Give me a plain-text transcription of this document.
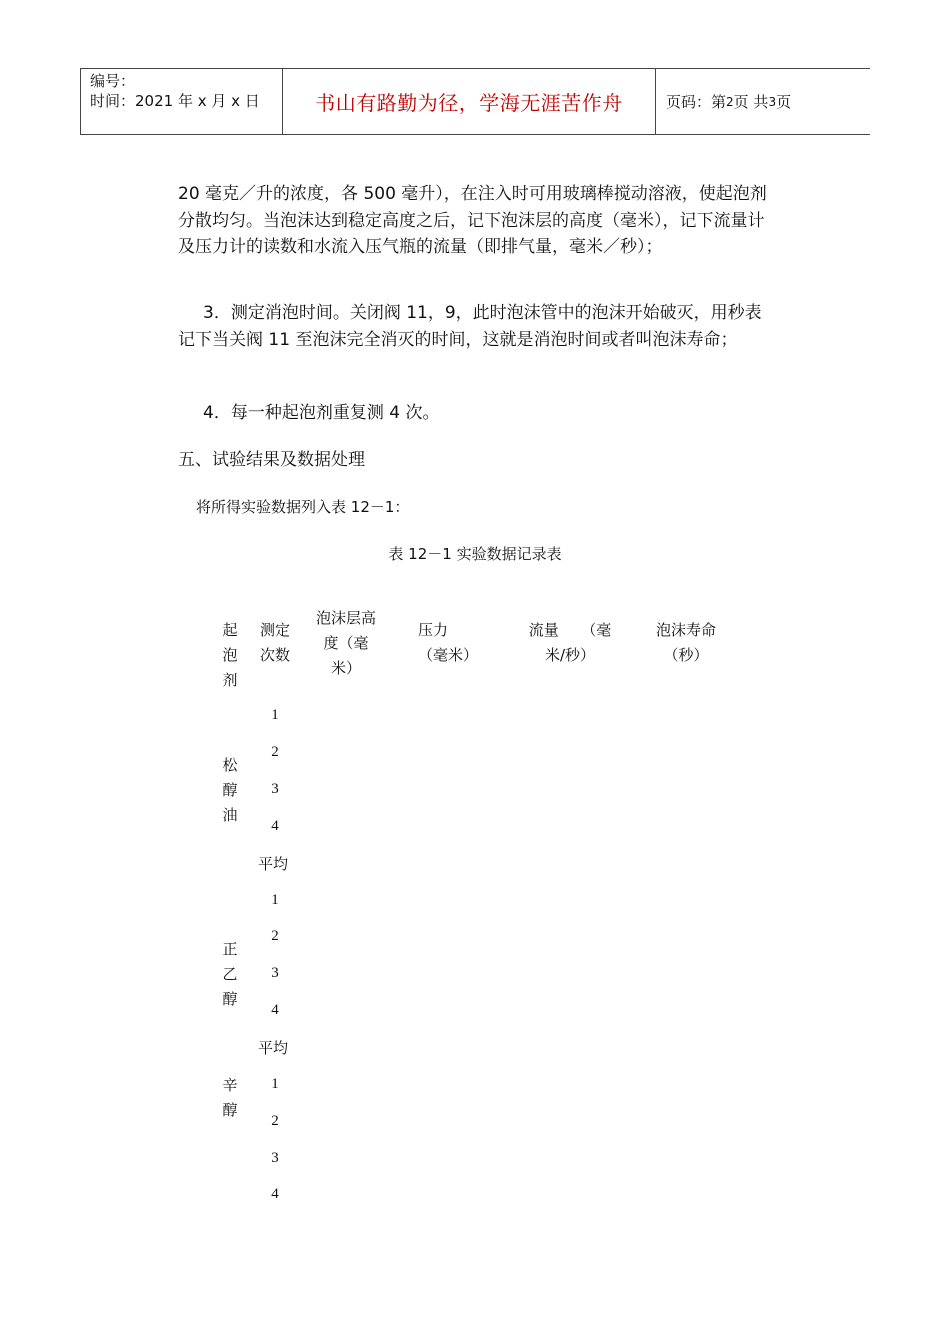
编号：
时间：2021 年 x 月 x 日	书山有路勤为径，学海无涯苦作舟	页码：第 2 页 共 3 页
20 毫克／升的浓度，各 500 毫升），在注入时可用玻璃棒搅动溶液，使起泡剂分散均匀。当泡沫达到稳定高度之后，记下泡沫层的高度（毫米），记下流量计及压力计的读数和水流入压气瓶的流量（即排气量，毫米／秒）；
3．测定消泡时间。关闭阀 11，9，此时泡沫管中的泡沫开始破灭，用秒表记下当关阀 11 至泡沫完全消灭的时间，这就是消泡时间或者叫泡沫寿命；
4．每一种起泡剂重复测 4 次。
五、试验结果及数据处理
将所得实验数据列入表 12－1：
表 12－1 实验数据记录表
起泡剂
测定
次数
泡沫层高
度（毫
米）
压力
（毫米）
流量　　（毫
米/秒）
泡沫寿命
（秒）
松醇油
1
2
3
4
平均
正乙醇
1
2
3
4
平均
辛醇
1
2
3
4
